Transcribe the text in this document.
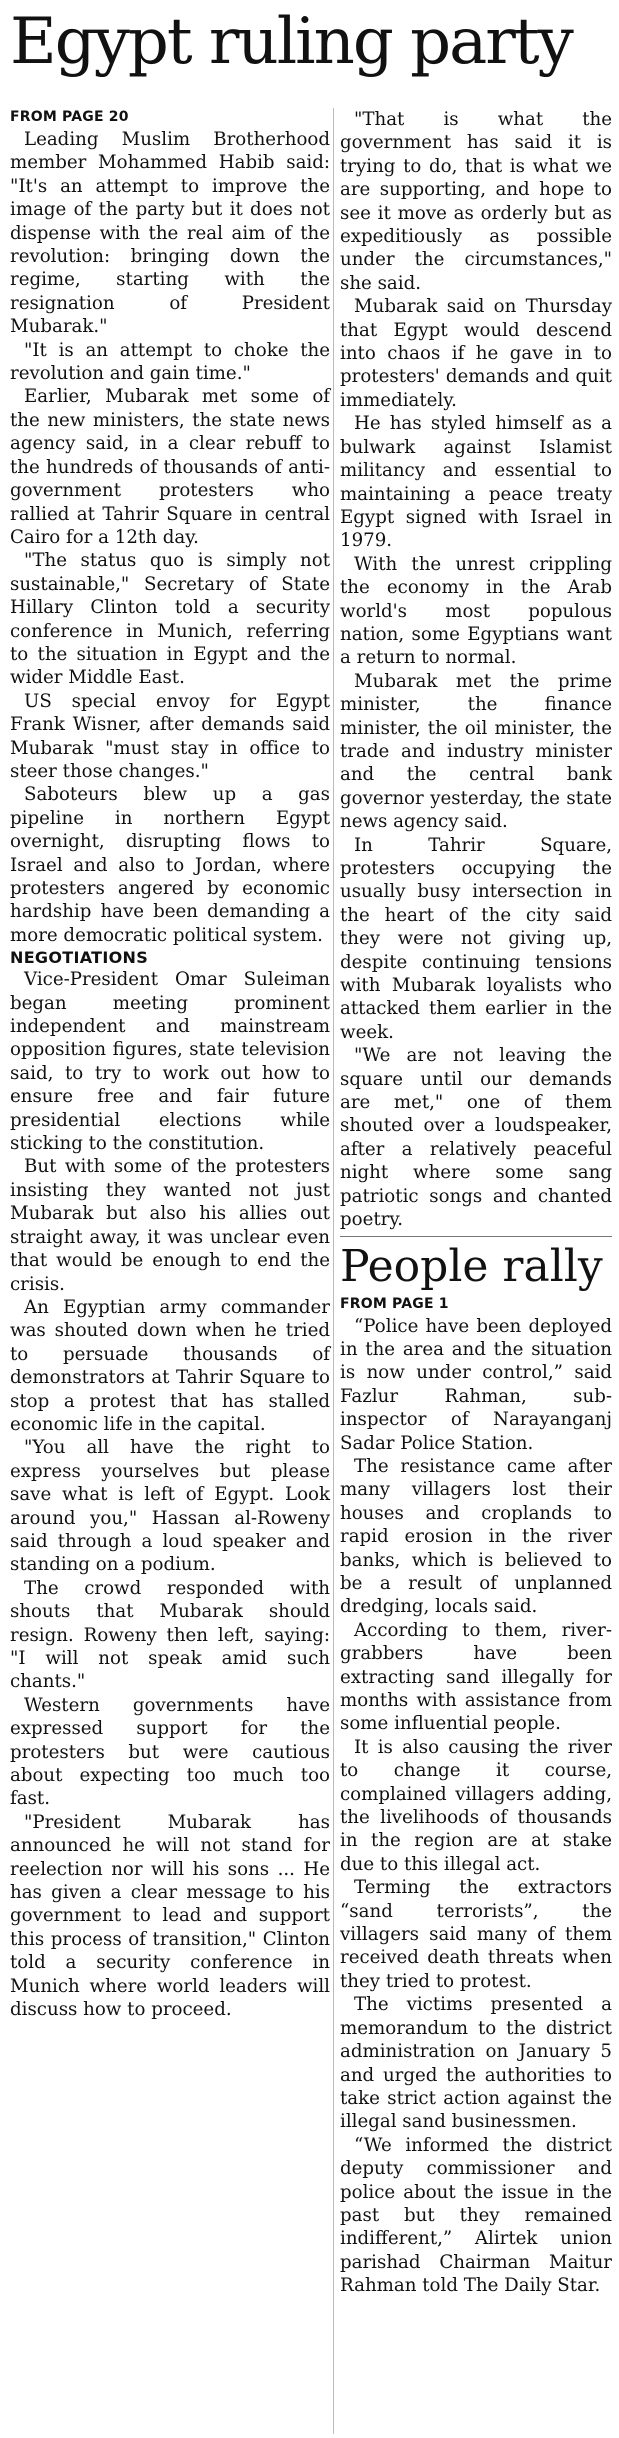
Egypt ruling party
FROM PAGE 20

Leading Muslim Brotherhood member Mohammed Habib said: "It's an attempt to improve the image of the party but it does not dispense with the real aim of the revolution: bringing down the regime, starting with the resignation of President Mubarak."

"It is an attempt to choke the revolution and gain time."

Earlier, Mubarak met some of the new ministers, the state news agency said, in a clear rebuff to the hundreds of thousands of anti-government protesters who rallied at Tahrir Square in central Cairo for a 12th day.

"The status quo is simply not sustainable," Secretary of State Hillary Clinton told a security conference in Munich, referring to the situation in Egypt and the wider Middle East.

US special envoy for Egypt Frank Wisner, after demands said Mubarak "must stay in office to steer those changes."

Saboteurs blew up a gas pipeline in northern Egypt overnight, disrupting flows to Israel and also to Jordan, where protesters angered by economic hardship have been demanding a more democratic political system.

NEGOTIATIONS

Vice-President Omar Suleiman began meeting prominent independent and mainstream opposition figures, state television said, to try to work out how to ensure free and fair future presidential elections while sticking to the constitution.

But with some of the protesters insisting they wanted not just Mubarak but also his allies out straight away, it was unclear even that would be enough to end the crisis.

An Egyptian army commander was shouted down when he tried to persuade thousands of demonstrators at Tahrir Square to stop a protest that has stalled economic life in the capital.

"You all have the right to express yourselves but please save what is left of Egypt. Look around you," Hassan al-Roweny said through a loud speaker and standing on a podium.

The crowd responded with shouts that Mubarak should resign. Roweny then left, saying: "I will not speak amid such chants."

Western governments have expressed support for the protesters but were cautious about expecting too much too fast.

"President Mubarak has announced he will not stand for reelection nor will his sons ... He has given a clear message to his government to lead and support this process of transition," Clinton told a security conference in Munich where world leaders will discuss how to proceed.

"That is what the government has said it is trying to do, that is what we are supporting, and hope to see it move as orderly but as expeditiously as possible under the circumstances," she said.

Mubarak said on Thursday that Egypt would descend into chaos if he gave in to protesters' demands and quit immediately.

He has styled himself as a bulwark against Islamist militancy and essential to maintaining a peace treaty Egypt signed with Israel in 1979.

With the unrest crippling the economy in the Arab world's most populous nation, some Egyptians want a return to normal.

Mubarak met the prime minister, the finance minister, the oil minister, the trade and industry minister and the central bank governor yesterday, the state news agency said.

In Tahrir Square, protesters occupying the usually busy intersection in the heart of the city said they were not giving up, despite continuing tensions with Mubarak loyalists who attacked them earlier in the week.

"We are not leaving the square until our demands are met," one of them shouted over a loudspeaker, after a relatively peaceful night where some sang patriotic songs and chanted poetry.

People rally
FROM PAGE 1

“Police have been deployed in the area and the situation is now under control,” said Fazlur Rahman, sub-inspector of Narayanganj Sadar Police Station.

The resistance came after many villagers lost their houses and croplands to rapid erosion in the river banks, which is believed to be a result of unplanned dredging, locals said.

According to them, river-grabbers have been extracting sand illegally for months with assistance from some influential people.

It is also causing the river to change it course, complained villagers adding, the livelihoods of thousands in the region are at stake due to this illegal act.

Terming the extractors “sand terrorists”, the villagers said many of them received death threats when they tried to protest.

The victims presented a memorandum to the district administration on January 5 and urged the authorities to take strict action against the illegal sand businessmen.

“We informed the district deputy commissioner and police about the issue in the past but they remained indifferent,” Alirtek union parishad Chairman Maitur Rahman told The Daily Star.
